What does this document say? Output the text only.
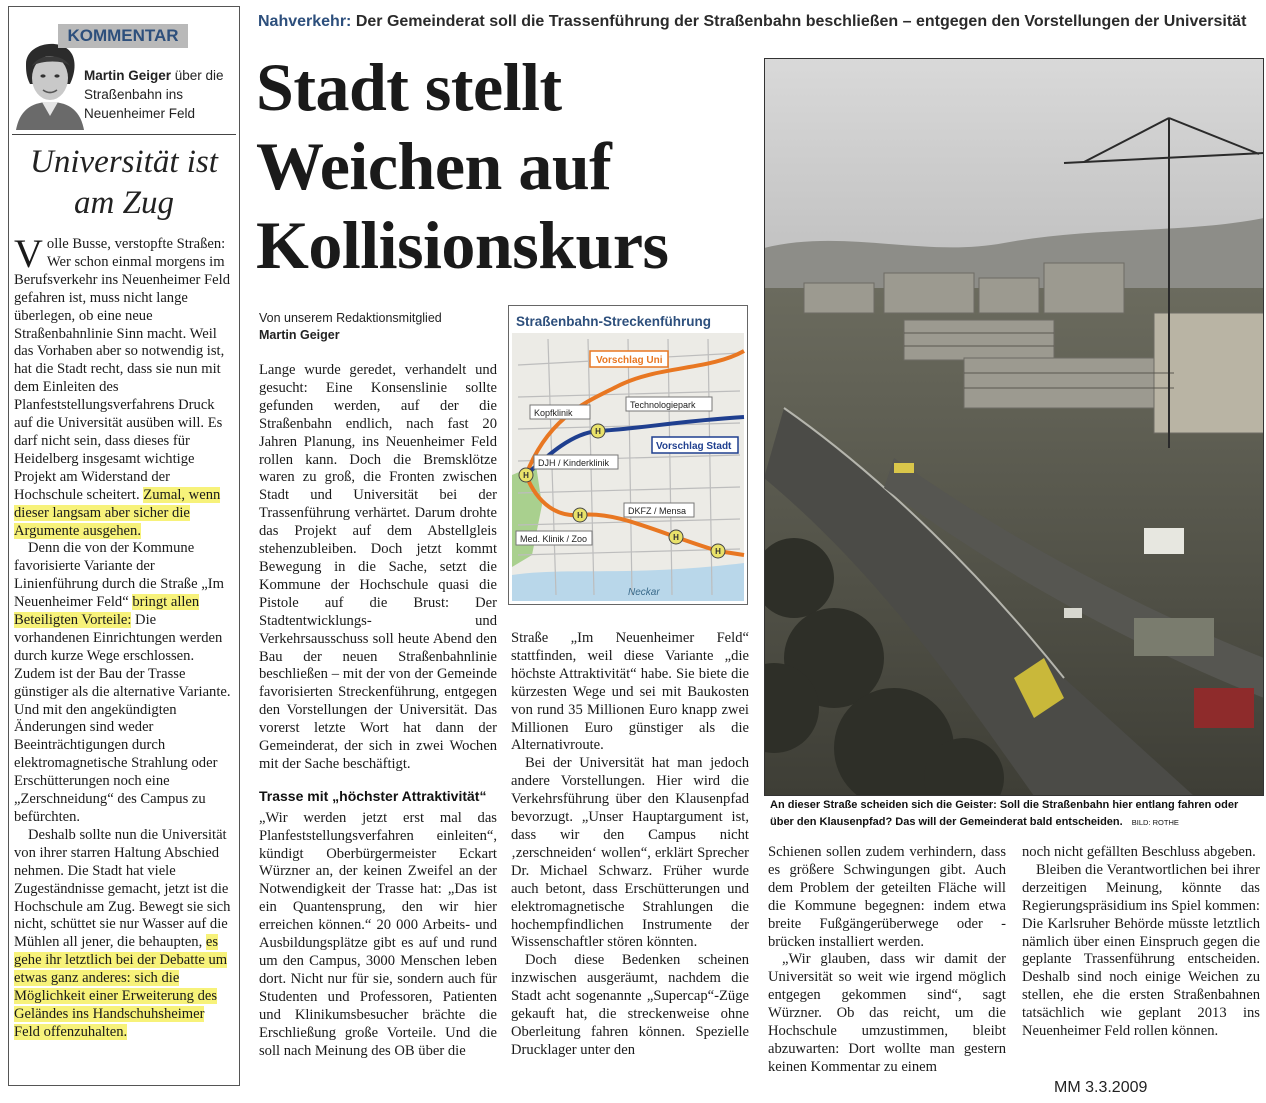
KOMMENTAR
Martin Geiger über die Straßenbahn ins Neuenheimer Feld
Universität ist
am Zug

Volle Busse, verstopfte Straßen: Wer schon einmal morgens im Berufsverkehr ins Neuenheimer Feld gefahren ist, muss nicht lange überlegen, ob eine neue Straßenbahnlinie Sinn macht. Weil das Vorhaben aber so notwendig ist, hat die Stadt recht, dass sie nun mit dem Einleiten des Planfeststellungsverfahrens Druck auf die Universität ausüben will. Es darf nicht sein, dass dieses für Heidelberg insgesamt wichtige Projekt am Widerstand der Hochschule scheitert. Zumal, wenn dieser langsam aber sicher die Argumente ausgehen.

Denn die von der Kommune favorisierte Variante der Linienführung durch die Straße „Im Neuenheimer Feld“ bringt allen Beteiligten Vorteile: Die vorhandenen Einrichtungen werden durch kurze Wege erschlossen. Zudem ist der Bau der Trasse günstiger als die alternative Variante. Und mit den angekündigten Änderungen sind weder Beeinträchtigungen durch elektromagnetische Strahlung oder Erschütterungen noch eine „Zerschneidung“ des Campus zu befürchten.

Deshalb sollte nun die Universität von ihrer starren Haltung Abschied nehmen. Die Stadt hat viele Zugeständnisse gemacht, jetzt ist die Hochschule am Zug. Bewegt sie sich nicht, schüttet sie nur Wasser auf die Mühlen all jener, die behaupten, es gehe ihr letztlich bei der Debatte um etwas ganz anderes: sich die Möglichkeit einer Erweiterung des Geländes ins Handschuhsheimer Feld offenzuhalten.

Nahverkehr: Der Gemeinderat soll die Trassenführung der Straßenbahn beschließen – entgegen den Vorstellungen der Universität
Stadt stellt
Weichen auf
Kollisionskurs
Von unserem Redaktionsmitglied
Martin Geiger

Lange wurde geredet, verhandelt und gesucht: Eine Konsenslinie sollte gefunden werden, auf der die Straßenbahn endlich, nach fast 20 Jahren Planung, ins Neuenheimer Feld rollen kann. Doch die Bremsklötze waren zu groß, die Fronten zwischen Stadt und Universität bei der Trassenführung verhärtet. Darum drohte das Projekt auf dem Abstellgleis stehenzubleiben. Doch jetzt kommt Bewegung in die Sache, setzt die Kommune der Hochschule quasi die Pistole auf die Brust: Der Stadtentwicklungs- und Verkehrsausschuss soll heute Abend den Bau der neuen Straßenbahnlinie beschließen – mit der von der Gemeinde favorisierten Streckenführung, entgegen den Vorstellungen der Universität. Das vorerst letzte Wort hat dann der Gemeinderat, der sich in zwei Wochen mit der Sache beschäftigt.

Trasse mit „höchster Attraktivität“

„Wir werden jetzt erst mal das Planfeststellungsverfahren einleiten“, kündigt Oberbürgermeister Eckart Würzner an, der keinen Zweifel an der Notwendigkeit der Trasse hat: „Das ist ein Quantensprung, den wir hier erreichen können.“ 20 000 Arbeits- und Ausbildungsplätze gibt es auf und rund um den Campus, 3000 Menschen leben dort. Nicht nur für sie, sondern auch für Studenten und Professoren, Patienten und Klinikumsbesucher brächte die Erschließung große Vorteile. Und die soll nach Meinung des OB über die

H
H
H
H
H
Vorschlag Uni
Kopfklinik
Technologiepark
Vorschlag Stadt
DJH / Kinderklinik
DKFZ / Mensa
Med. Klinik / Zoo
Neckar
Straßenbahn-Streckenführung

Straße „Im Neuenheimer Feld“ stattfinden, weil diese Variante „die höchste Attraktivität“ habe. Sie biete die kürzesten Wege und sei mit Baukosten von rund 35 Millionen Euro knapp zwei Millionen Euro günstiger als die Alternativroute.

Bei der Universität hat man jedoch andere Vorstellungen. Hier wird die Verkehrsführung über den Klausenpfad bevorzugt. „Unser Hauptargument ist, dass wir den Campus nicht ‚zerschneiden‘ wollen“, erklärt Sprecher Dr. Michael Schwarz. Früher wurde auch betont, dass Erschütterungen und elektromagnetische Strahlungen die hochempfindlichen Instrumente der Wissenschaftler stören könnten.

Doch diese Bedenken scheinen inzwischen ausgeräumt, nachdem die Stadt acht sogenannte „Supercap“-Züge gekauft hat, die streckenweise ohne Oberleitung fahren können. Spezielle Drucklager unter den

An dieser Straße scheiden sich die Geister: Soll die Straßenbahn hier entlang fahren oder über den Klausenpfad? Das will der Gemeinderat bald entscheiden. BILD: ROTHE

Schienen sollen zudem verhindern, dass es größere Schwingungen gibt. Auch dem Problem der geteilten Fläche will die Kommune begegnen: indem etwa breite Fußgängerüberwege oder -brücken installiert werden.

„Wir glauben, dass wir damit der Universität so weit wie irgend möglich entgegen gekommen sind“, sagt Würzner. Ob das reicht, um die Hochschule umzustimmen, bleibt abzuwarten: Dort wollte man gestern keinen Kommentar zu einem

noch nicht gefällten Beschluss abgeben.

Bleiben die Verantwortlichen bei ihrer derzeitigen Meinung, könnte das Regierungspräsidium ins Spiel kommen: Die Karlsruher Behörde müsste letztlich nämlich über einen Einspruch gegen die geplante Trassenführung entscheiden. Deshalb sind noch einige Weichen zu stellen, ehe die ersten Straßenbahnen tatsächlich wie geplant 2013 ins Neuenheimer Feld rollen können.

MM 3.3.2009
